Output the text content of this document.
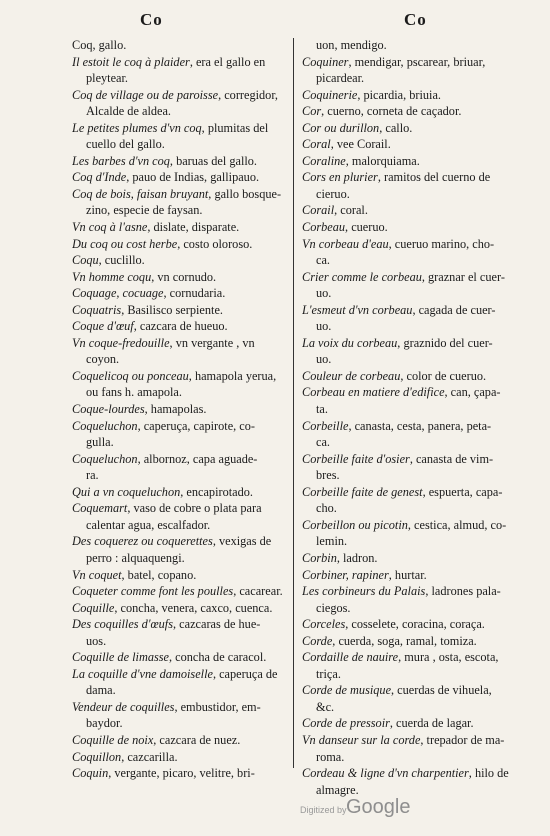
Co	Co
Coq, gallo.
Il estoit le coq à plaider, era el gallo en
pleytear.
Coq de village ou de paroisse, corregidor,
Alcalde de aldea.
Le petites plumes d'vn coq, plumitas del
cuello del gallo.
Les barbes d'vn coq, baruas del gallo.
Coq d'Inde, pauo de Indias, gallipauo.
Coq de bois, faisan bruyant, gallo bosque-
zino, especie de faysan.
Vn coq à l'asne, dislate, disparate.
Du coq ou cost herbe, costo oloroso.
Coqu, cuclillo.
Vn homme coqu, vn cornudo.
Coquage, cocuage, cornudaria.
Coquatris, Basilisco serpiente.
Coque d'œuf, cazcara de hueuo.
Vn coque-fredouille, vn vergante , vn
coyon.
Coquelicoq ou ponceau, hamapola yerua,
ou fans h. amapola.
Coque-lourdes, hamapolas.
Coqueluchon, caperuça, capirote, co-
gulla.
Coqueluchon, albornoz, capa aguade-
ra.
Qui a vn coqueluchon, encapirotado.
Coquemart, vaso de cobre o plata para
calentar agua, escalfador.
Des coquerez ou coquerettes, vexigas de
perro : alquaquengi.
Vn coquet, batel, copano.
Coqueter comme font les poulles, cacarear.
Coquille, concha, venera, caxco, cuenca.
Des coquilles d'œufs, cazcaras de hue-
uos.
Coquille de limasse, concha de caracol.
La coquille d'vne damoiselle, caperuça de
dama.
Vendeur de coquilles, embustidor, em-
baydor.
Coquille de noix, cazcara de nuez.
Coquillon, cazcarilla.
Coquin, vergante, picaro, velitre, bri-
uon, mendigo.
Coquiner, mendigar, pscarear, briuar,
picardear.
Coquinerie, picardia, briuia.
Cor, cuerno, corneta de caçador.
Cor ou durillon, callo.
Coral, vee Corail.
Coraline, malorquiama.
Cors en plurier, ramitos del cuerno de
cieruo.
Corail, coral.
Corbeau, cueruo.
Vn corbeau d'eau, cueruo marino, cho-
ca.
Crier comme le corbeau, graznar el cuer-
uo.
L'esmeut d'vn corbeau, cagada de cuer-
uo.
La voix du corbeau, graznido del cuer-
uo.
Couleur de corbeau, color de cueruo.
Corbeau en matiere d'edifice, can, çapa-
ta.
Corbeille, canasta, cesta, panera, peta-
ca.
Corbeille faite d'osier, canasta de vim-
bres.
Corbeille faite de genest, espuerta, capa-
cho.
Corbeillon ou picotin, cestica, almud, co-
lemin.
Corbin, ladron.
Corbiner, rapiner, hurtar.
Les corbineurs du Palais, ladrones pala-
ciegos.
Corceles, cosselete, coracina, coraça.
Corde, cuerda, soga, ramal, tomiza.
Cordaille de nauire, mura , osta, escota,
triça.
Corde de musique, cuerdas de vihuela,
&c.
Corde de pressoir, cuerda de lagar.
Vn danseur sur la corde, trepador de ma-
roma.
Cordeau & ligne d'vn charpentier, hilo de
almagre.
Digitized by Google
